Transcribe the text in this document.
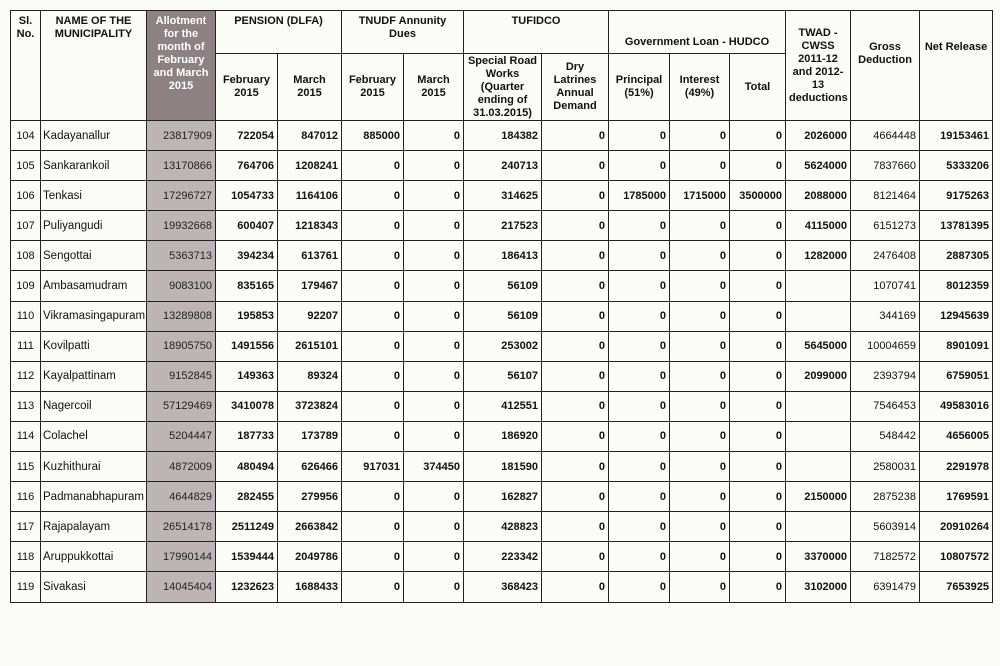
Sl. No.	NAME OF THE MUNICIPALITY	Allotment for the month of February and March 2015	PENSION (DLFA)		TNUDF Annunity Dues		TUFIDCO		Government Loan - HUDCO			TWAD - CWSS 2011-12 and 2012-13 deductions	Gross Deduction	Net Release
			February 2015	March 2015	February 2015	March 2015	Special Road Works (Quarter ending of 31.03.2015)	Dry Latrines Annual Demand	Principal (51%)	Interest (49%)	Total			
104	Kadayanallur	23817909	722054	847012	885000	0	184382	0	0	0	0	2026000	4664448	19153461
105	Sankarankoil	13170866	764706	1208241	0	0	240713	0	0	0	0	5624000	7837660	5333206
106	Tenkasi	17296727	1054733	1164106	0	0	314625	0	1785000	1715000	3500000	2088000	8121464	9175263
107	Puliyangudi	19932668	600407	1218343	0	0	217523	0	0	0	0	4115000	6151273	13781395
108	Sengottai	5363713	394234	613761	0	0	186413	0	0	0	0	1282000	2476408	2887305
109	Ambasamudram	9083100	835165	179467	0	0	56109	0	0	0	0		1070741	8012359
110	Vikramasingapuram	13289808	195853	92207	0	0	56109	0	0	0	0		344169	12945639
111	Kovilpatti	18905750	1491556	2615101	0	0	253002	0	0	0	0	5645000	10004659	8901091
112	Kayalpattinam	9152845	149363	89324	0	0	56107	0	0	0	0	2099000	2393794	6759051
113	Nagercoil	57129469	3410078	3723824	0	0	412551	0	0	0	0		7546453	49583016
114	Colachel	5204447	187733	173789	0	0	186920	0	0	0	0		548442	4656005
115	Kuzhithurai	4872009	480494	626466	917031	374450	181590	0	0	0	0		2580031	2291978
116	Padmanabhapuram	4644829	282455	279956	0	0	162827	0	0	0	0	2150000	2875238	1769591
117	Rajapalayam	26514178	2511249	2663842	0	0	428823	0	0	0	0		5603914	20910264
118	Aruppukkottai	17990144	1539444	2049786	0	0	223342	0	0	0	0	3370000	7182572	10807572
119	Sivakasi	14045404	1232623	1688433	0	0	368423	0	0	0	0	3102000	6391479	7653925
